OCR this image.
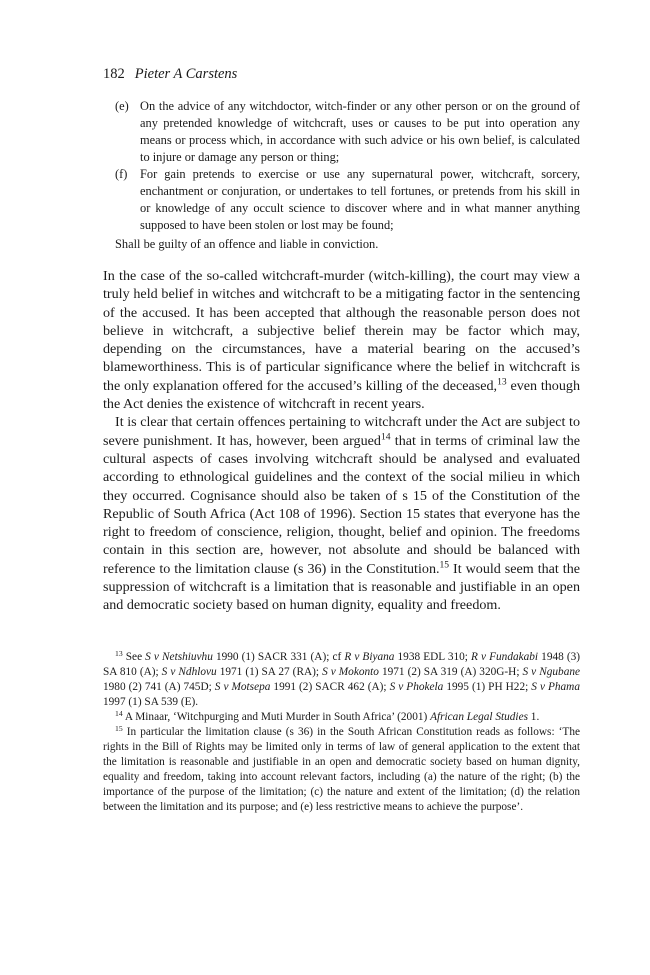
182 Pieter A Carstens
(e) On the advice of any witchdoctor, witch-finder or any other person or on the ground of any pretended knowledge of witchcraft, uses or causes to be put into operation any means or process which, in accordance with such advice or his own belief, is calculated to injure or damage any person or thing;
(f)	For gain pretends to exercise or use any supernatural power, witchcraft, sorcery, enchantment or conjuration, or undertakes to tell fortunes, or pretends from his skill in or knowledge of any occult science to discover where and in what manner anything supposed to have been stolen or lost may be found;
Shall be guilty of an offence and liable in conviction.

In the case of the so-called witchcraft-murder (witch-killing), the court may view a truly held belief in witches and witchcraft to be a mitigating factor in the sentencing of the accused. It has been accepted that although the reasonable person does not believe in witchcraft, a subjective belief therein may be factor which may, depending on the circumstances, have a material bearing on the accused’s blameworthiness. This is of particular significance where the belief in witchcraft is the only explanation offered for the accused’s killing of the deceased,$^{13}$ even though the Act denies the existence of witchcraft in recent years.

It is clear that certain offences pertaining to witchcraft under the Act are subject to severe punishment. It has, however, been argued$^{14}$ that in terms of criminal law the cultural aspects of cases involving witchcraft should be analysed and evaluated according to ethnological guidelines and the context of the social milieu in which they occurred. Cognisance should also be taken of s 15 of the Constitution of the Republic of South Africa (Act 108 of 1996). Section 15 states that everyone has the right to freedom of conscience, religion, thought, belief and opinion. The freedoms contain in this section are, however, not absolute and should be balanced with reference to the limitation clause (s 36) in the Constitution.$^{15}$ It would seem that the suppression of witchcraft is a limitation that is reasonable and justifiable in an open and democratic society based on human dignity, equality and freedom.

$^{13}$ See S v Netshiuvhu 1990 (1) SACR 331 (A); cf R v Biyana 1938 EDL 310; R v Fundakabi 1948 (3) SA 810 (A); S v Ndhlovu 1971 (1) SA 27 (RA); S v Mokonto 1971 (2) SA 319 (A) 320G-H; S v Ngubane 1980 (2) 741 (A) 745D; S v Motsepa 1991 (2) SACR 462 (A); S v Phokela 1995 (1) PH H22; S v Phama 1997 (1) SA 539 (E).

$^{14}$ A Minaar, ‘Witchpurging and Muti Murder in South Africa’ (2001) African Legal Studies 1.

$^{15}$ In particular the limitation clause (s 36) in the South African Constitution reads as follows: ‘The rights in the Bill of Rights may be limited only in terms of law of general application to the extent that the limitation is reasonable and justifiable in an open and democratic society based on human dignity, equality and freedom, taking into account relevant factors, including (a) the nature of the right; (b) the importance of the purpose of the limitation; (c) the nature and extent of the limitation; (d) the relation between the limitation and its purpose; and (e) less restrictive means to achieve the purpose’.
